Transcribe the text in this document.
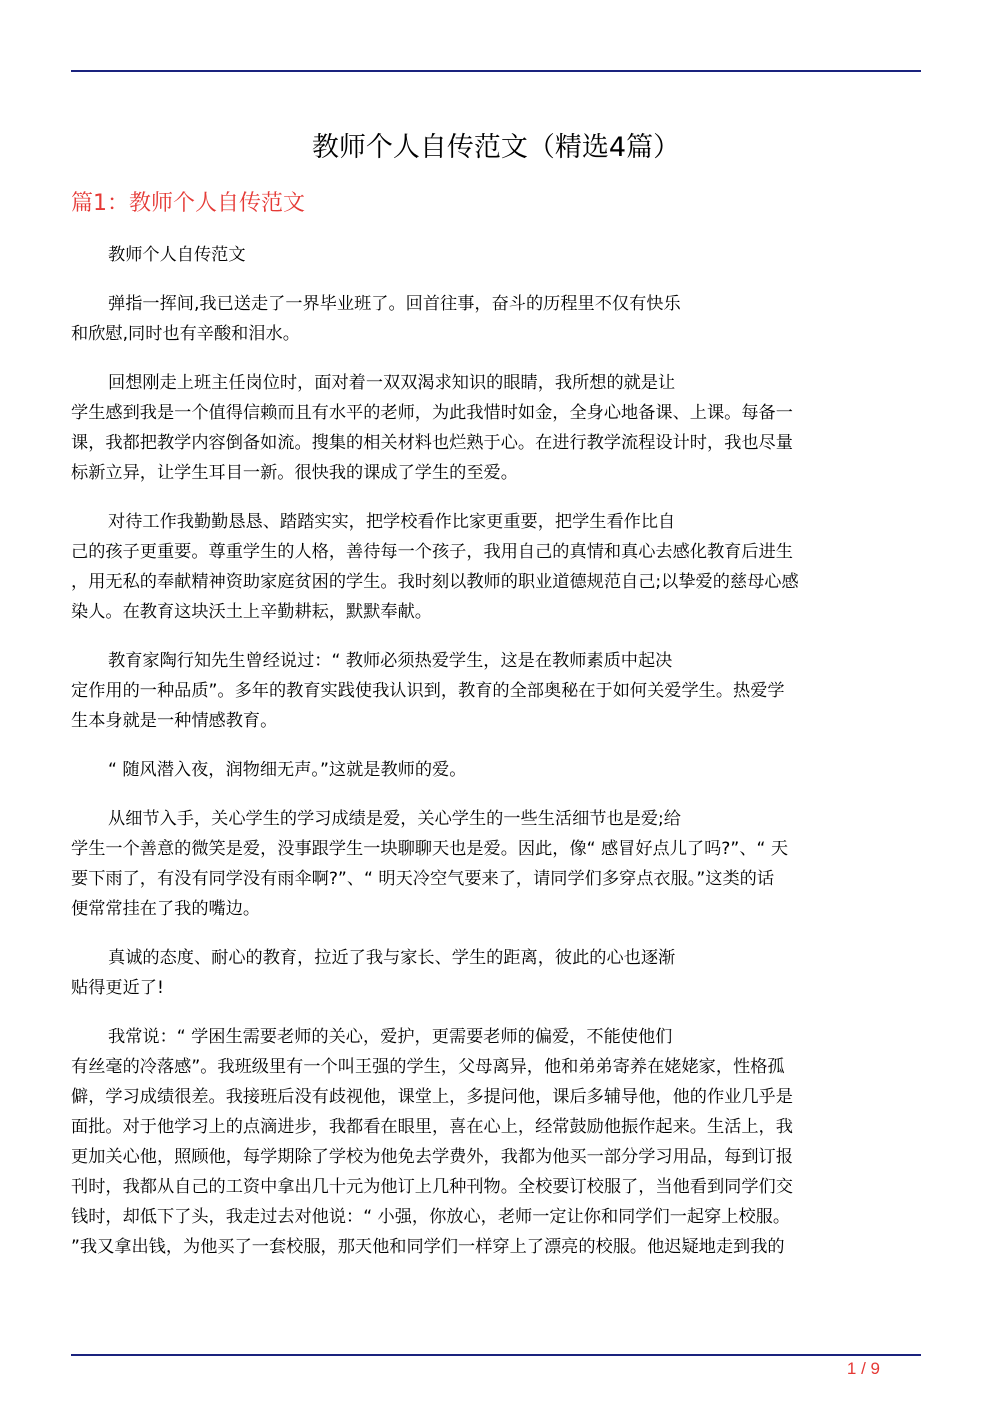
教师个人自传范文（精选4篇）
篇1：教师个人自传范文

教师个人自传范文

弹指一挥间,我已送走了一界毕业班了。回首往事，奋斗的历程里不仅有快乐
和欣慰,同时也有辛酸和泪水。

回想刚走上班主任岗位时，面对着一双双渴求知识的眼睛，我所想的就是让
学生感到我是一个值得信赖而且有水平的老师，为此我惜时如金，全身心地备课、上课。每备一
课，我都把教学内容倒备如流。搜集的相关材料也烂熟于心。在进行教学流程设计时，我也尽量
标新立异，让学生耳目一新。很快我的课成了学生的至爱。

对待工作我勤勤恳恳、踏踏实实，把学校看作比家更重要，把学生看作比自
己的孩子更重要。尊重学生的人格，善待每一个孩子，我用自己的真情和真心去感化教育后进生
，用无私的奉献精神资助家庭贫困的学生。我时刻以教师的职业道德规范自己;以挚爱的慈母心感
染人。在教育这块沃土上辛勤耕耘，默默奉献。

教育家陶行知先生曾经说过：“ 教师必须热爱学生，这是在教师素质中起决
定作用的一种品质”。多年的教育实践使我认识到，教育的全部奥秘在于如何关爱学生。热爱学
生本身就是一种情感教育。

“ 随风潜入夜，润物细无声。”这就是教师的爱。

从细节入手，关心学生的学习成绩是爱，关心学生的一些生活细节也是爱;给
学生一个善意的微笑是爱，没事跟学生一块聊聊天也是爱。因此，像“ 感冒好点儿了吗?”、“ 天
要下雨了，有没有同学没有雨伞啊?”、“ 明天冷空气要来了，请同学们多穿点衣服。”这类的话
便常常挂在了我的嘴边。

真诚的态度、耐心的教育，拉近了我与家长、学生的距离，彼此的心也逐渐
贴得更近了!

我常说：“ 学困生需要老师的关心，爱护，更需要老师的偏爱，不能使他们
有丝毫的冷落感”。我班级里有一个叫王强的学生，父母离异，他和弟弟寄养在姥姥家，性格孤
僻，学习成绩很差。我接班后没有歧视他，课堂上，多提问他，课后多辅导他，他的作业几乎是
面批。对于他学习上的点滴进步，我都看在眼里，喜在心上，经常鼓励他振作起来。生活上，我
更加关心他，照顾他，每学期除了学校为他免去学费外，我都为他买一部分学习用品，每到订报
刊时，我都从自己的工资中拿出几十元为他订上几种刊物。全校要订校服了，当他看到同学们交
钱时，却低下了头，我走过去对他说：“ 小强，你放心，老师一定让你和同学们一起穿上校服。
”我又拿出钱，为他买了一套校服，那天他和同学们一样穿上了漂亮的校服。他迟疑地走到我的

1 / 9
